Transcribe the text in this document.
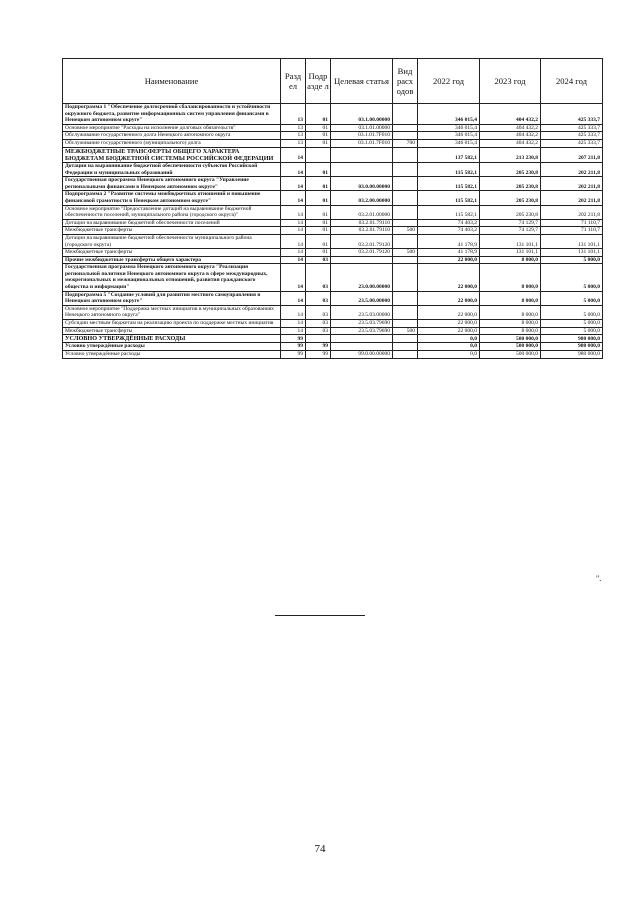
Наименование	Разд ел	Подр азде л	Целевая статья	Вид расх одов	2022 год	2023 год	2024 год
Подпрограмма 1 "Обеспечение долгосрочной сбалансированности и устойчивости окружного бюджета, развитие информационных систем управления финансами в Ненецком автономном округе"	13	01	03.1.00.00000		346 015,4	404 432,2	425 333,7
Основное мероприятие "Расходы на исполнение долговых обязательств"	13	01	03.1.01.00000		346 015,4	404 432,2	425 333,7
Обслуживание государственного долга Ненецкого автономного округа	13	01	03.1.01.7F010		346 015,4	404 432,2	425 333,7
Обслуживание государственного (муниципального) долга	13	01	03.1.01.7F010	700	346 015,4	404 432,2	425 333,7
МЕЖБЮДЖЕТНЫЕ ТРАНСФЕРТЫ ОБЩЕГО ХАРАКТЕРА БЮДЖЕТАМ БЮДЖЕТНОЙ СИСТЕМЫ РОССИЙСКОЙ ФЕДЕРАЦИИ	14				137 582,1	213 230,8	207 211,8
Дотации на выравнивание бюджетной обеспеченности субъектов Российской Федерации и муниципальных образований	14	01			115 582,1	205 230,8	202 211,8
Государственная программа Ненецкого автономного округа "Управление региональными финансами в Ненецком автономном округе"	14	01	03.0.00.00000		115 582,1	205 230,8	202 211,8
Подпрограмма 2 "Развитие системы межбюджетных отношений и повышение финансовой грамотности в Ненецком автономном округе"	14	01	03.2.00.00000		115 582,1	205 230,8	202 211,8
Основное мероприятие "Предоставление дотаций на выравнивание бюджетной обеспеченности поселений, муниципального района (городского округа)"	14	01	03.2.01.00000		115 582,1	205 230,8	202 211,8
Дотации на выравнивание бюджетной обеспеченности поселений	14	01	03.2.01.79110		74 403,2	74 129,7	71 110,7
Межбюджетные трансферты	14	01	03.2.01.79110	500	74 403,2	74 129,7	71 110,7
Дотации на выравнивание бюджетной обеспеченности муниципального района (городского округа)	14	01	03.2.01.79120		41 178,9	131 101,1	131 101,1
Межбюджетные трансферты	14	01	03.2.01.79120	500	41 178,9	131 101,1	131 101,1
Прочие межбюджетные трансферты общего характера	14	03			22 000,0	8 000,0	5 000,0
Государственная программа Ненецкого автономного округа "Реализация региональной политики Ненецкого автономного округа в сфере международных, межрегиональных и межнациональных отношений, развития гражданского общества и информации"	14	03	23.0.00.00000		22 000,0	8 000,0	5 000,0
Подпрограмма 5 "Создание условий для развития местного самоуправления в Ненецком автономном округе"	14	03	23.5.00.00000		22 000,0	8 000,0	5 000,0
Основное мероприятие "Поддержка местных инициатив в муниципальных образованиях Ненецкого автономного округа"	14	03	23.5.03.00000		22 000,0	8 000,0	5 000,0
Субсидии местным бюджетам на реализацию проекта по поддержке местных инициатив	14	03	23.5.03.79690		22 000,0	8 000,0	5 000,0
Межбюджетные трансферты	14	03	23.5.03.79690	500	22 000,0	8 000,0	5 000,0
УСЛОВНО УТВЕРЖДЁННЫЕ РАСХОДЫ	99				0,0	500 000,0	980 000,0
Условно утверждённые расходы	99	99			0,0	500 000,0	980 000,0
Условно утверждённые расходы	99	99	99.0.00.00000		0,0	500 000,0	980 000,0
".
74
